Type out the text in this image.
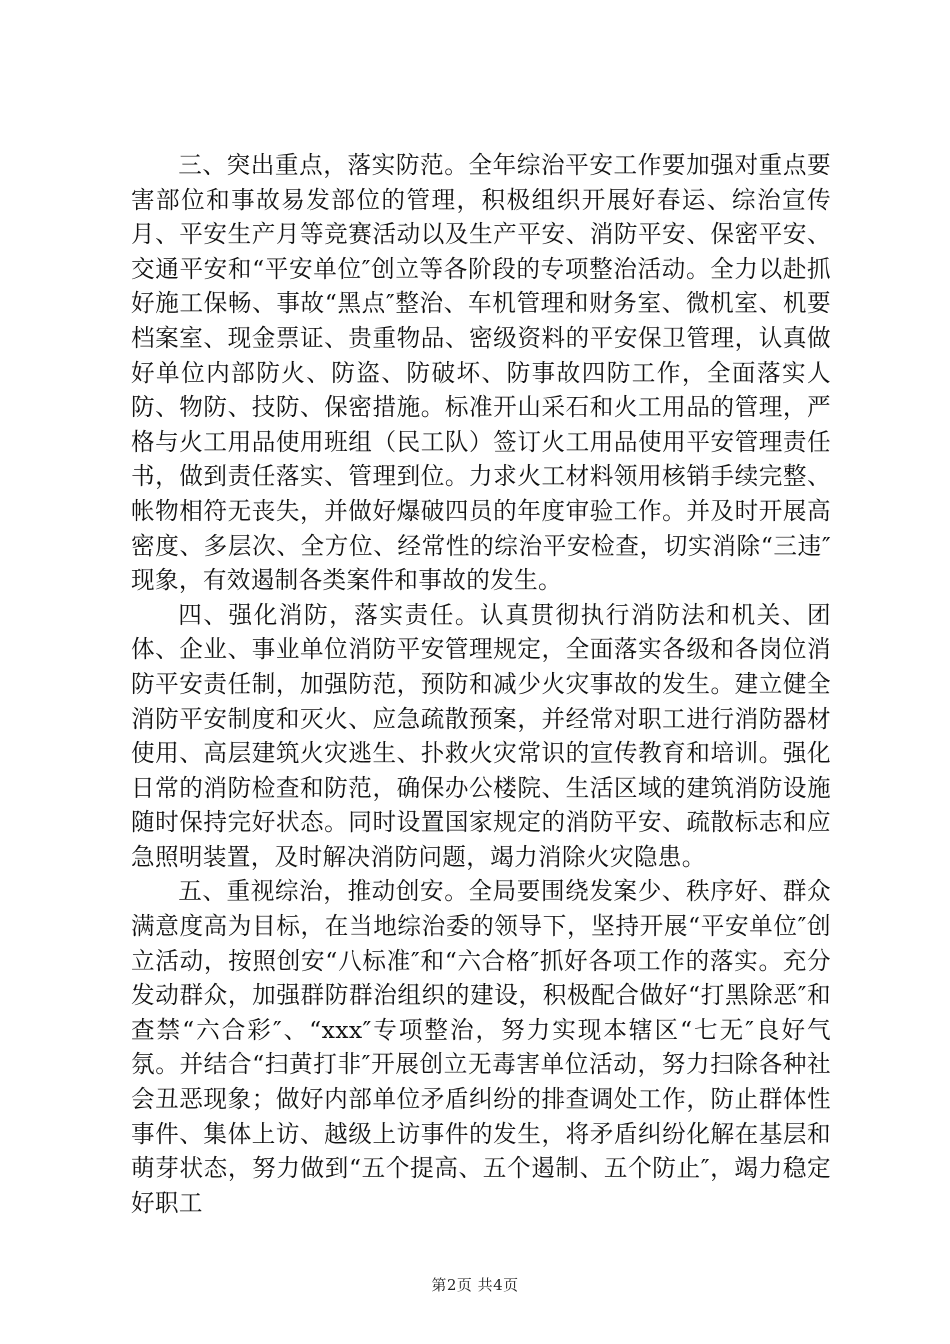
三、突出重点，落实防范。全年综治平安工作要加强对重点要害部位和事故易发部位的管理，积极组织开展好春运、综治宣传月、平安生产月等竞赛活动以及生产平安、消防平安、保密平安、交通平安和“平安单位″创立等各阶段的专项整治活动。全力以赴抓好施工保畅、事故“黑点″整治、车机管理和财务室、微机室、机要档案室、现金票证、贵重物品、密级资料的平安保卫管理，认真做好单位内部防火、防盗、防破坏、防事故四防工作，全面落实人防、物防、技防、保密措施。标准开山采石和火工用品的管理，严格与火工用品使用班组（民工队）签订火工用品使用平安管理责任书，做到责任落实、管理到位。力求火工材料领用核销手续完整、帐物相符无丧失，并做好爆破四员的年度审验工作。并及时开展高密度、多层次、全方位、经常性的综治平安检查，切实消除“三违″现象，有效遏制各类案件和事故的发生。

四、强化消防，落实责任。认真贯彻执行消防法和机关、团体、企业、事业单位消防平安管理规定，全面落实各级和各岗位消防平安责任制，加强防范，预防和减少火灾事故的发生。建立健全消防平安制度和灭火、应急疏散预案，并经常对职工进行消防器材使用、高层建筑火灾逃生、扑救火灾常识的宣传教育和培训。强化日常的消防检查和防范，确保办公楼院、生活区域的建筑消防设施随时保持完好状态。同时设置国家规定的消防平安、疏散标志和应急照明装置，及时解决消防问题，竭力消除火灾隐患。

五、重视综治，推动创安。全局要围绕发案少、秩序好、群众满意度高为目标，在当地综治委的领导下，坚持开展“平安单位″创立活动，按照创安“八标准″和“六合格″抓好各项工作的落实。充分发动群众，加强群防群治组织的建设，积极配合做好“打黑除恶″和查禁“六合彩″、“xxx″专项整治，努力实现本辖区“七无″良好气氛。并结合“扫黄打非″开展创立无毒害单位活动，努力扫除各种社会丑恶现象；做好内部单位矛盾纠纷的排查调处工作，防止群体性事件、集体上访、越级上访事件的发生，将矛盾纠纷化解在基层和萌芽状态，努力做到“五个提高、五个遏制、五个防止″，竭力稳定好职工

第2页 共4页
